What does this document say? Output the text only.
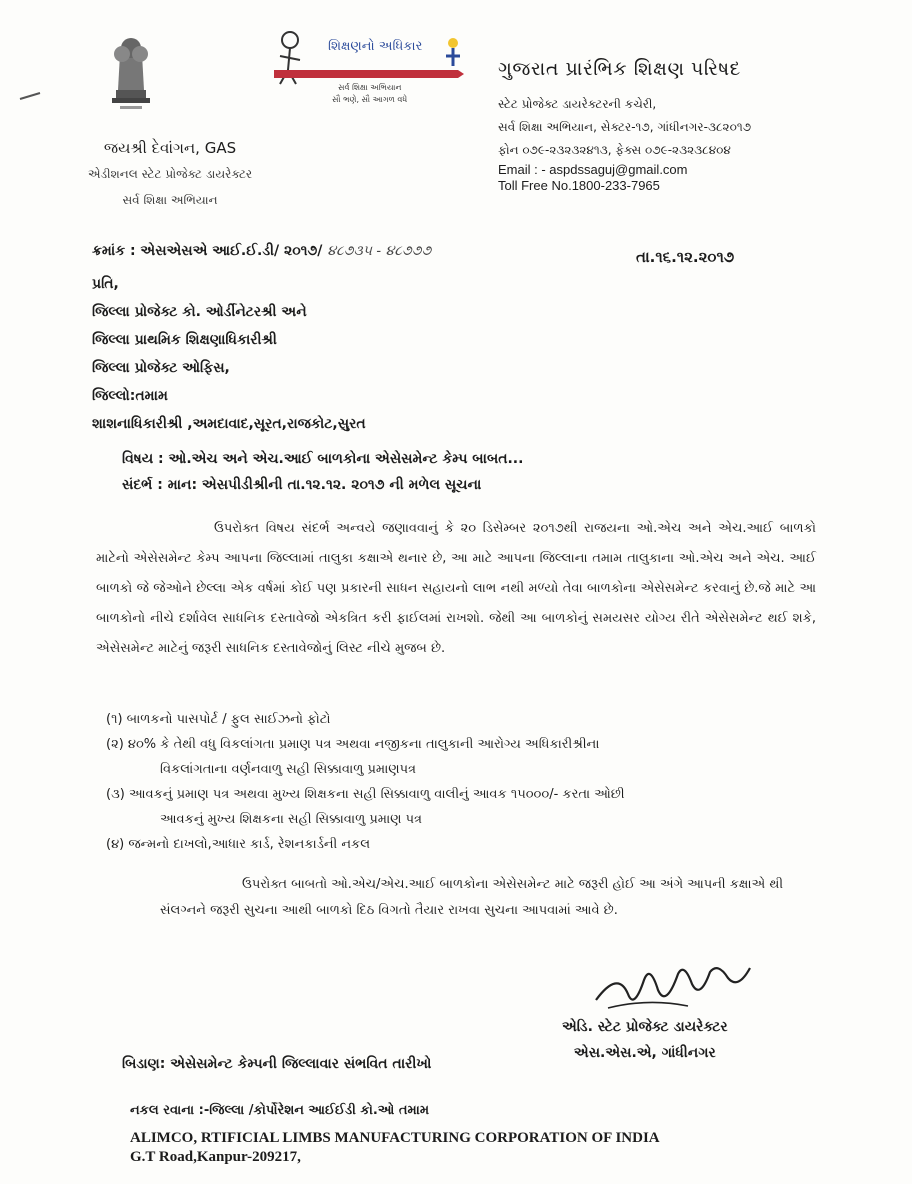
શિક્ષણનો અધિકાર
સર્વ શિક્ષા અભિયાન
સૌ ભણે, સૌ આગળ વધે
જયશ્રી દેવાંગન, GAS
એડીશનલ સ્ટેટ પ્રોજેક્ટ ડાયરેક્ટર
સર્વ શિક્ષા અભિયાન
ગુજરાત પ્રારંભિક શિક્ષણ પરિષદ
સ્ટેટ પ્રોજેક્ટ ડાયરેક્ટરની કચેરી,
સર્વ શિક્ષા અભિયાન, સેક્ટર-૧૭, ગાંધીનગર-૩૮૨૦૧૭
ફોન ૦૭૯-૨૩૨૩૨૪૧૩, ફેક્સ ૦૭૯-૨૩૨૩૮૪૦૪
Email : - aspdssaguj@gmail.com
Toll Free No.1800-233-7965
ક્રમાંક : એસએસએ આઈ.ઈ.ડી/ ૨૦૧૭/ ૪૮૭૩૫ - ૪૮૭૭૭	તા.૧૬.૧૨.૨૦૧૭
પ્રતિ,
જિલ્લા પ્રોજેક્ટ કો. ઓર્ડીનેટરશ્રી અને
જિલ્લા પ્રાથમિક શિક્ષણાધિકારીશ્રી
જિલ્લા પ્રોજેક્ટ ઓફિસ,
જિલ્લો:તમામ
શાશનાધિકારીશ્રી ,અમદાવાદ,સૂરત,રાજકોટ,સુરત
વિષય : ઓ.એચ અને એચ.આઈ બાળકોના એસેસમેન્ટ કેમ્પ બાબત...
સંદર્ભ : માન: એસપીડીશ્રીની તા.૧૨.૧૨. ૨૦૧૭ ની મળેલ સૂચના

ઉપરોક્ત વિષય સંદર્ભ અન્વયે જણાવવાનું કે ૨૦ ડિસેમ્બર ૨૦૧૭થી રાજયના ઓ.એચ અને એચ.આઈ બાળકો માટેનો એસેસમેન્ટ કેમ્પ આપના જિલ્લામાં તાલુકા કક્ષાએ થનાર છે, આ માટે આપના જિલ્લાના તમામ તાલુકાના ઓ.એચ અને એચ. આઈ બાળકો જે જેઓને છેલ્લા એક વર્ષમાં કોઈ પણ પ્રકારની સાધન સહાયનો લાભ નથી મળ્યો તેવા બાળકોના એસેસમેન્ટ કરવાનું છે.જે માટે આ બાળકોનો નીચે દર્શાવેલ સાધનિક દસ્તાવેજો એકત્રિત કરી ફાઈલમાં રાખશો. જેથી આ બાળકોનું સમયસર યોગ્ય રીતે એસેસમેન્ટ થઈ શકે, એસેસમેન્ટ માટેનું જરૂરી સાધનિક દસ્તાવેજોનું લિસ્ટ નીચે મુજબ છે.

(૧) બાળકનો પાસપોર્ટ / ફુલ સાઈઝનો ફોટો
(૨) ૪૦% કે તેથી વધુ વિકલાંગતા પ્રમાણ પત્ર અથવા નજીકના તાલુકાની આરોગ્ય અધિકારીશ્રીના
વિકલાંગતાના વર્ણનવાળુ સહી સિક્કાવાળુ પ્રમાણપત્ર
(૩) આવકનું પ્રમાણ પત્ર અથવા મુખ્ય શિક્ષકના સહી સિક્કાવાળુ વાલીનું આવક ૧૫૦૦૦/- કરતા ઓછી
આવકનું મુખ્ય શિક્ષકના સહી સિક્કાવાળુ પ્રમાણ પત્ર
(૪) જન્મનો દાખલો,આધાર કાર્ડ, રેશનકાર્ડની નકલ

ઉપરોક્ત બાબતો ઓ.એચ/એચ.આઈ બાળકોના એસેસમેન્ટ માટે જરૂરી હોઈ આ અંગે આપની કક્ષાએ થી સંલગ્નને જરૂરી સુચના આથી બાળકો દિઠ વિગતો તૈયાર રાખવા સુચના આપવામાં આવે છે.

એડિ. સ્ટેટ પ્રોજેક્ટ ડાયરેક્ટર
એસ.એસ.એ, ગાંધીનગર
બિડાણ: એસેસમેન્ટ કેમ્પની જિલ્લાવાર સંભવિત તારીખો
નકલ રવાના :-જિલ્લા /કોર્પોરેશન આઈઈડી કો.ઓ તમામ
ALIMCO, RTIFICIAL LIMBS MANUFACTURING CORPORATION OF INDIA
G.T Road,Kanpur-209217,
